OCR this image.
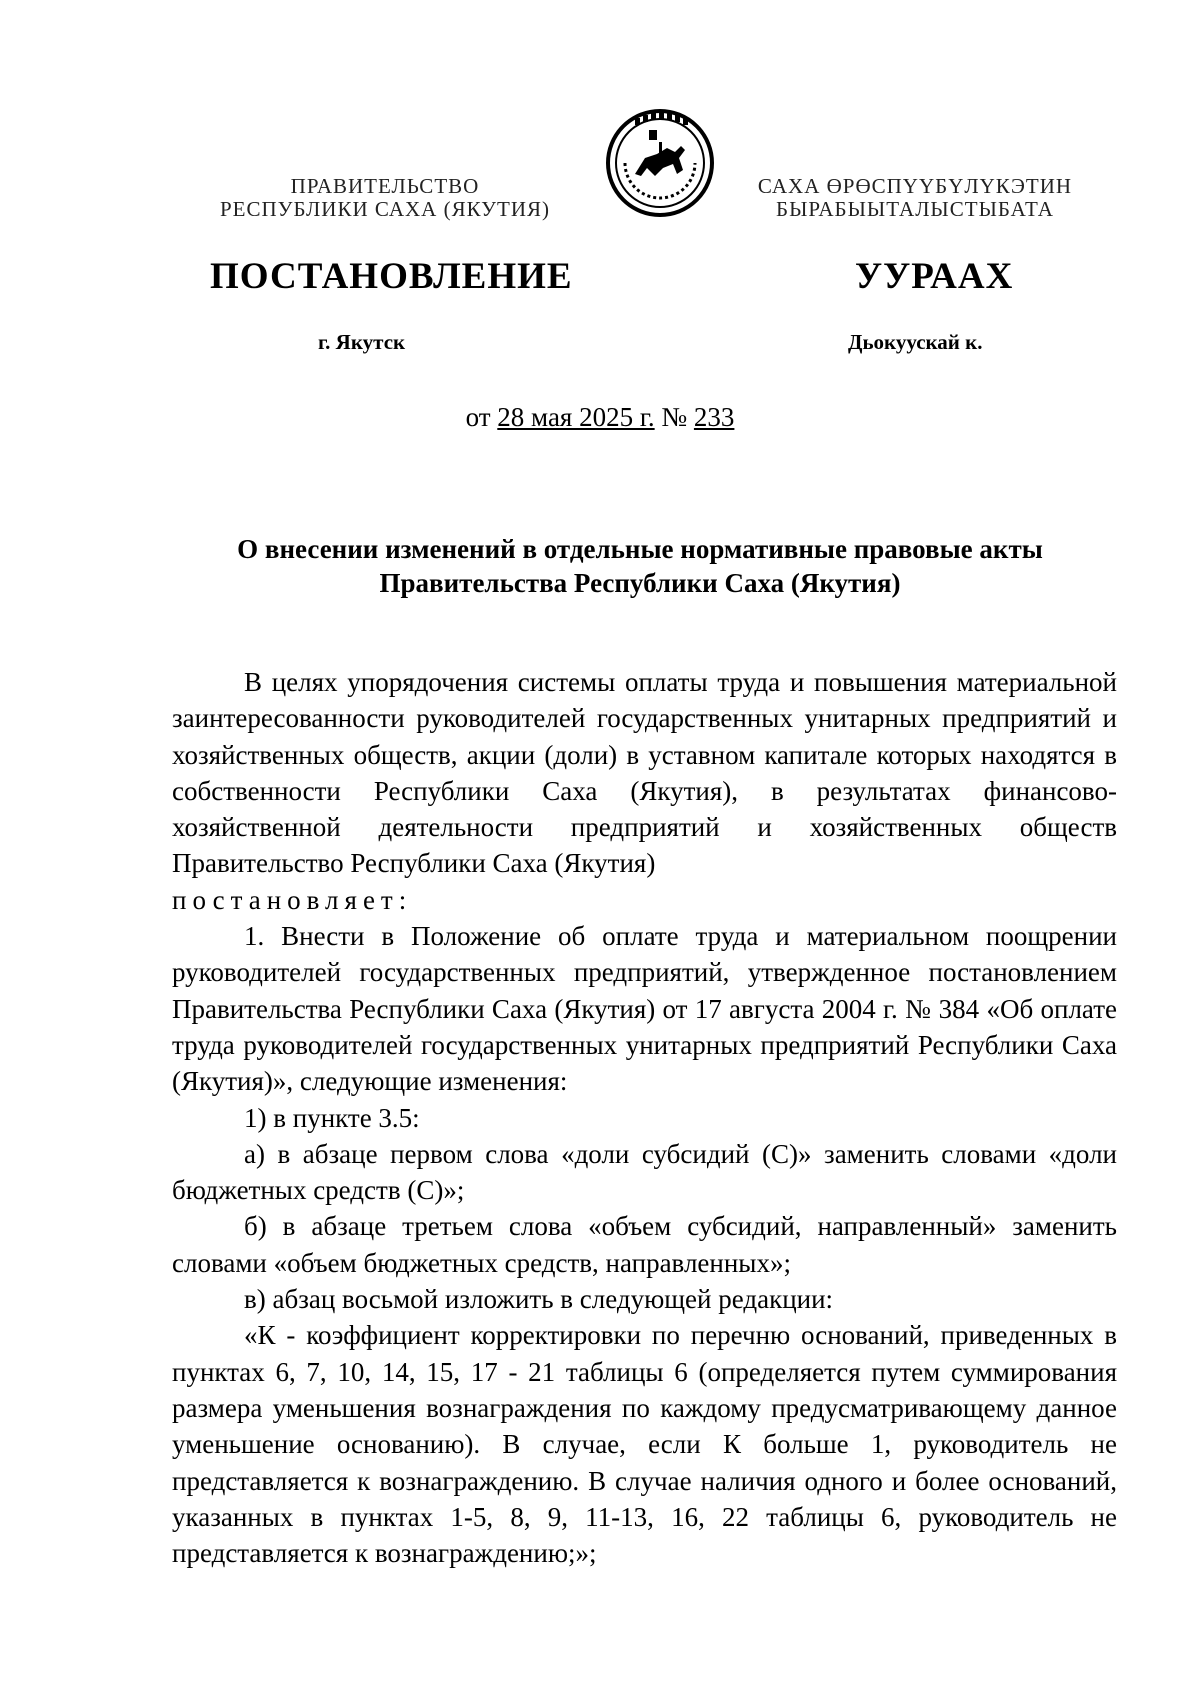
ПРАВИТЕЛЬСТВО
РЕСПУБЛИКИ САХА (ЯКУТИЯ)
САХА ӨРӨСПҮҮБҮЛҮКЭТИН
БЫРАБЫЫТАЛЫСТЫБАТА
ПОСТАНОВЛЕНИЕ	УУРААХ
г. Якутск	Дьокуускай к.
от 28 мая 2025 г. № 233
О внесении изменений в отдельные нормативные правовые акты
Правительства Республики Саха (Якутия)

В целях упорядочения системы оплаты труда и повышения материальной заинтересованности руководителей государственных унитарных предприятий и хозяйственных обществ, акции (доли) в уставном капитале которых находятся в собственности Республики Саха (Якутия), в результатах финансово-хозяйственной деятельности предприятий и хозяйственных обществ Правительство Республики Саха (Якутия)

постановляет:

1. Внести в Положение об оплате труда и материальном поощрении руководителей государственных предприятий, утвержденное постановлением Правительства Республики Саха (Якутия) от 17 августа 2004 г. № 384 «Об оплате труда руководителей государственных унитарных предприятий Республики Саха (Якутия)», следующие изменения:

1) в пункте 3.5:

а) в абзаце первом слова «доли субсидий (С)» заменить словами «доли бюджетных средств (С)»;

б) в абзаце третьем слова «объем субсидий, направленный» заменить словами «объем бюджетных средств, направленных»;

в) абзац восьмой изложить в следующей редакции:

«К - коэффициент корректировки по перечню оснований, приведенных в пунктах 6, 7, 10, 14, 15, 17 - 21 таблицы 6 (определяется путем суммирования размера уменьшения вознаграждения по каждому предусматривающему данное уменьшение основанию). В случае, если К больше 1, руководитель не представляется к вознаграждению. В случае наличия одного и более оснований, указанных в пунктах 1-5, 8, 9, 11-13, 16, 22 таблицы 6, руководитель не представляется к вознаграждению;»;
